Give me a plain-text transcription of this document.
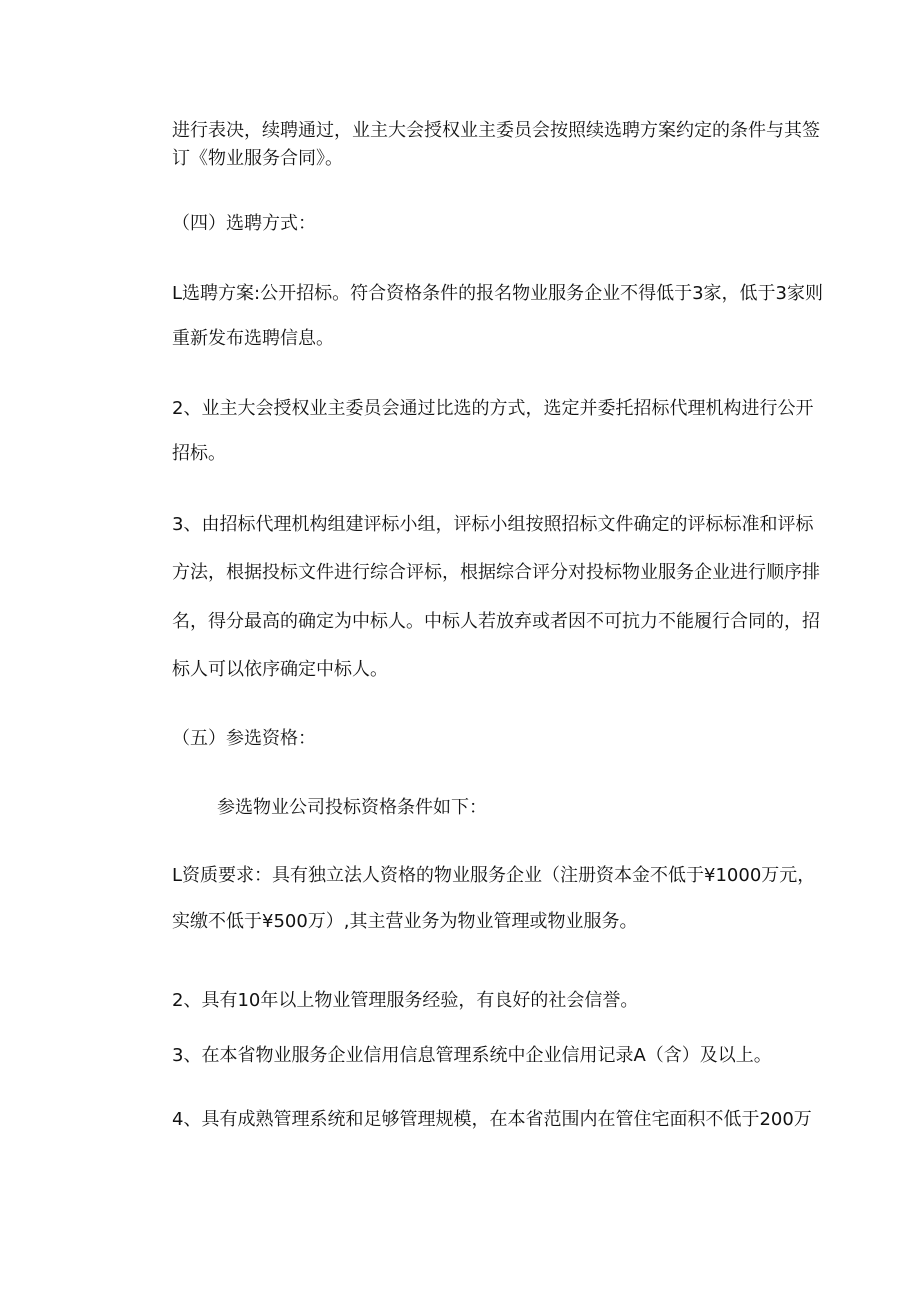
进行表决，续聘通过，业主大会授权业主委员会按照续选聘方案约定的条件与其签
订《物业服务合同》。
（四）选聘方式：
L选聘方案:公开招标。符合资格条件的报名物业服务企业不得低于3家，低于3家则
重新发布选聘信息。
2、业主大会授权业主委员会通过比选的方式，选定并委托招标代理机构进行公开
招标。
3、由招标代理机构组建评标小组，评标小组按照招标文件确定的评标标准和评标
方法，根据投标文件进行综合评标，根据综合评分对投标物业服务企业进行顺序排
名，得分最高的确定为中标人。中标人若放弃或者因不可抗力不能履行合同的，招
标人可以依序确定中标人。
（五）参选资格：
参选物业公司投标资格条件如下：
L资质要求：具有独立法人资格的物业服务企业（注册资本金不低于¥1000万元，
实缴不低于¥500万）,其主营业务为物业管理或物业服务。
2、具有10年以上物业管理服务经验，有良好的社会信誉。
3、在本省物业服务企业信用信息管理系统中企业信用记录A（含）及以上。
4、具有成熟管理系统和足够管理规模，在本省范围内在管住宅面积不低于200万
